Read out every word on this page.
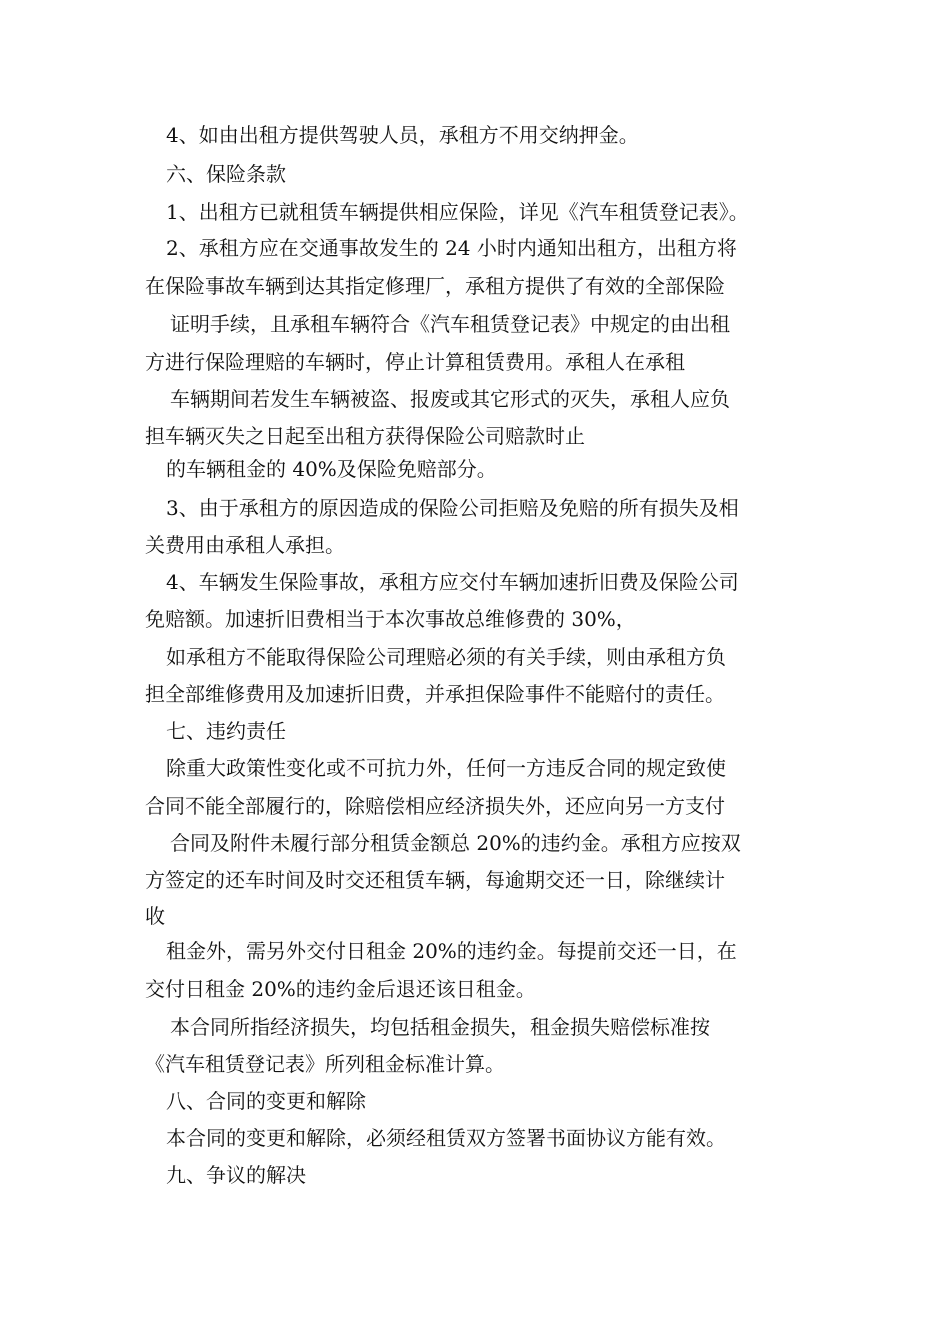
4、如由出租方提供驾驶人员，承租方不用交纳押金。
六、保险条款
1、出租方已就租赁车辆提供相应保险，详见《汽车租赁登记表》。
2、承租方应在交通事故发生的 24 小时内通知出租方，出租方将
在保险事故车辆到达其指定修理厂，承租方提供了有效的全部保险
证明手续，且承租车辆符合《汽车租赁登记表》中规定的由出租
方进行保险理赔的车辆时，停止计算租赁费用。承租人在承租
车辆期间若发生车辆被盗、报废或其它形式的灭失，承租人应负
担车辆灭失之日起至出租方获得保险公司赔款时止
的车辆租金的 40%及保险免赔部分。
3、由于承租方的原因造成的保险公司拒赔及免赔的所有损失及相
关费用由承租人承担。
4、车辆发生保险事故，承租方应交付车辆加速折旧费及保险公司
免赔额。加速折旧费相当于本次事故总维修费的 30%，
如承租方不能取得保险公司理赔必须的有关手续，则由承租方负
担全部维修费用及加速折旧费，并承担保险事件不能赔付的责任。
七、违约责任
除重大政策性变化或不可抗力外，任何一方违反合同的规定致使
合同不能全部履行的，除赔偿相应经济损失外，还应向另一方支付
合同及附件未履行部分租赁金额总 20%的违约金。承租方应按双
方签定的还车时间及时交还租赁车辆，每逾期交还一日，除继续计
收
租金外，需另外交付日租金 20%的违约金。每提前交还一日，在
交付日租金 20%的违约金后退还该日租金。
本合同所指经济损失，均包括租金损失，租金损失赔偿标准按
《汽车租赁登记表》所列租金标准计算。
八、合同的变更和解除
本合同的变更和解除，必须经租赁双方签署书面协议方能有效。
九、争议的解决
